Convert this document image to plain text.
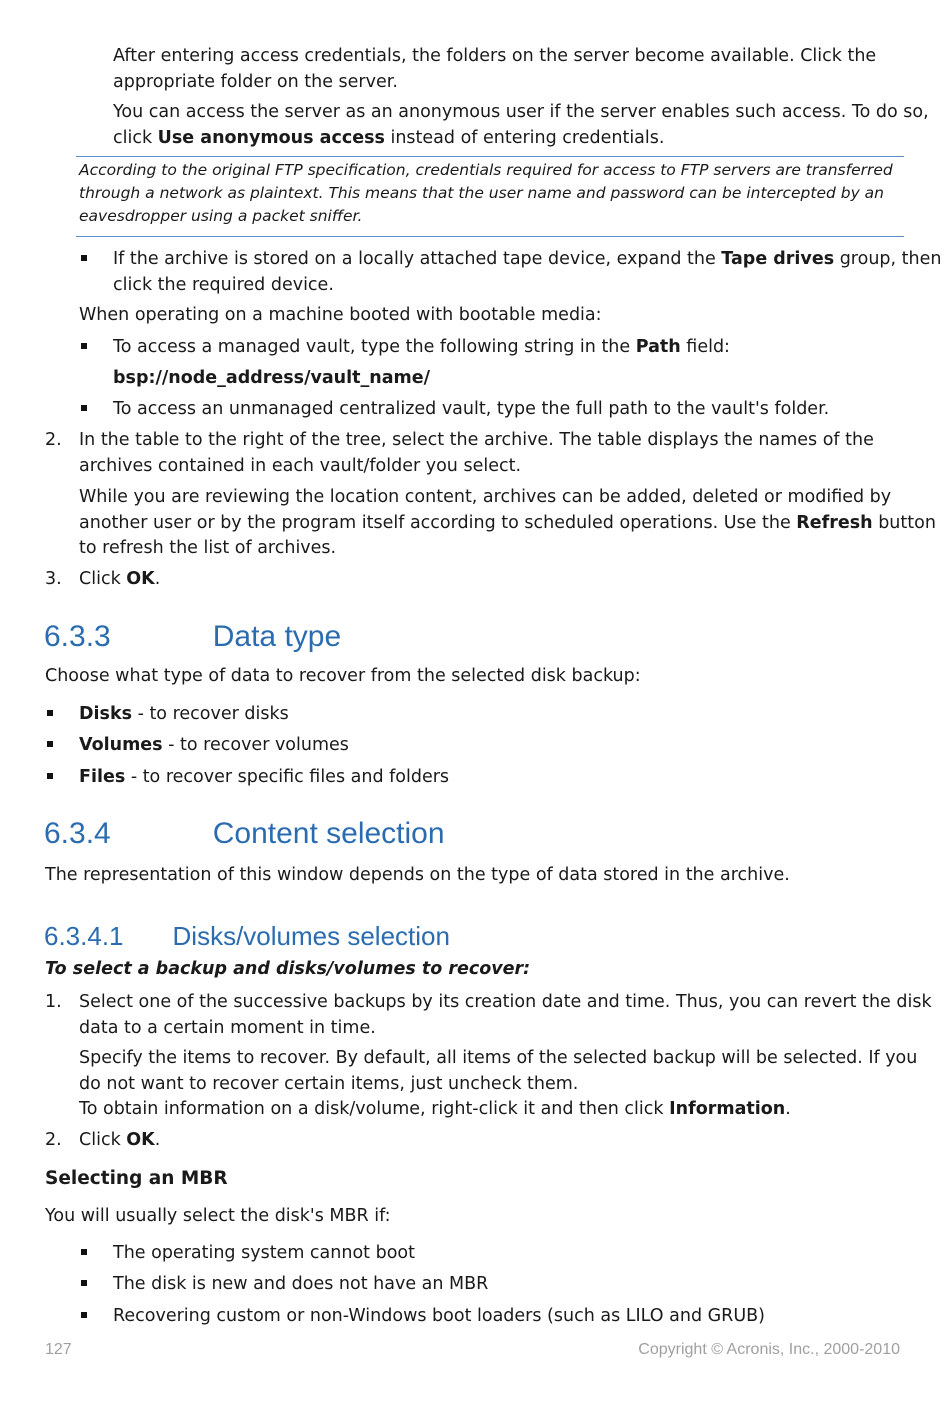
After entering access credentials, the folders on the server become available. Click the
appropriate folder on the server.
You can access the server as an anonymous user if the server enables such access. To do so,
click Use anonymous access instead of entering credentials.
According to the original FTP specification, credentials required for access to FTP servers are transferred
through a network as plaintext. This means that the user name and password can be intercepted by an
eavesdropper using a packet sniffer.
If the archive is stored on a locally attached tape device, expand the Tape drives group, then
click the required device.
When operating on a machine booted with bootable media:
To access a managed vault, type the following string in the Path field:
bsp://node_address/vault_name/
To access an unmanaged centralized vault, type the full path to the vault's folder.
2. In the table to the right of the tree, select the archive. The table displays the names of the
archives contained in each vault/folder you select.
While you are reviewing the location content, archives can be added, deleted or modified by
another user or by the program itself according to scheduled operations. Use the Refresh button
to refresh the list of archives.
3. Click OK.
6.3.3	Data type
Choose what type of data to recover from the selected disk backup:
Disks - to recover disks
Volumes - to recover volumes
Files - to recover specific files and folders
6.3.4	Content selection
The representation of this window depends on the type of data stored in the archive.
6.3.4.1 Disks/volumes selection
To select a backup and disks/volumes to recover:
1. Select one of the successive backups by its creation date and time. Thus, you can revert the disk
data to a certain moment in time.
Specify the items to recover. By default, all items of the selected backup will be selected. If you
do not want to recover certain items, just uncheck them.
To obtain information on a disk/volume, right-click it and then click Information.
2. Click OK.
Selecting an MBR
You will usually select the disk's MBR if:
The operating system cannot boot
The disk is new and does not have an MBR
Recovering custom or non-Windows boot loaders (such as LILO and GRUB)
127	Copyright © Acronis, Inc., 2000-2010
